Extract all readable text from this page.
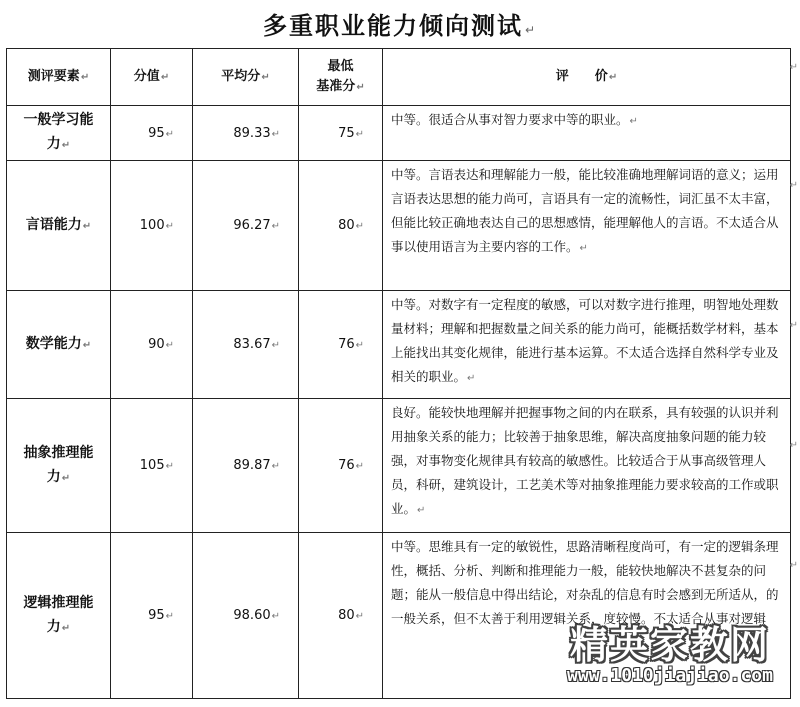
多重职业能力倾向测试 ↵
测评要素↵	分值↵	平均分↵	最低
基准分↵	评　　价↵
一般学习能
力↵	95↵	89.33↵	75↵	中等。很适合从事对智力要求中等的职业。↵
言语能力↵	100↵	96.27↵	80↵	中等。言语表达和理解能力一般，能比较准确地理解词语的意义；运用言语表达思想的能力尚可，言语具有一定的流畅性，词汇虽不太丰富，但能比较正确地表达自己的思想感情，能理解他人的言语。不太适合从事以使用语言为主要内容的工作。↵
数学能力↵	90↵	83.67↵	76↵	中等。对数字有一定程度的敏感，可以对数字进行推理，明智地处理数量材料；理解和把握数量之间关系的能力尚可，能概括数学材料，基本上能找出其变化规律，能进行基本运算。不太适合选择自然科学专业及相关的职业。↵
抽象推理能
力↵	105↵	89.87↵	76↵	良好。能较快地理解并把握事物之间的内在联系，具有较强的认识并利用抽象关系的能力；比较善于抽象思维，解决高度抽象问题的能力较强，对事物变化规律具有较高的敏感性。比较适合于从事高级管理人员，科研，建筑设计，工艺美术等对抽象推理能力要求较高的工作或职业。↵
逻辑推理能
力↵	95↵	98.60↵	80↵	中等。思维具有一定的敏锐性，思路清晰程度尚可，有一定的逻辑条理性，概括、分析、判断和推理能力一般，能较快地解决不甚复杂的问题；能从一般信息中得出结论，对杂乱的信息有时会感到无所适从，的一般关系，但不太善于利用逻辑关系，度较慢。不太适合从事对逻辑
↵
↵
↵
↵
↵
精英家教网
www.1010jiajiao.com
